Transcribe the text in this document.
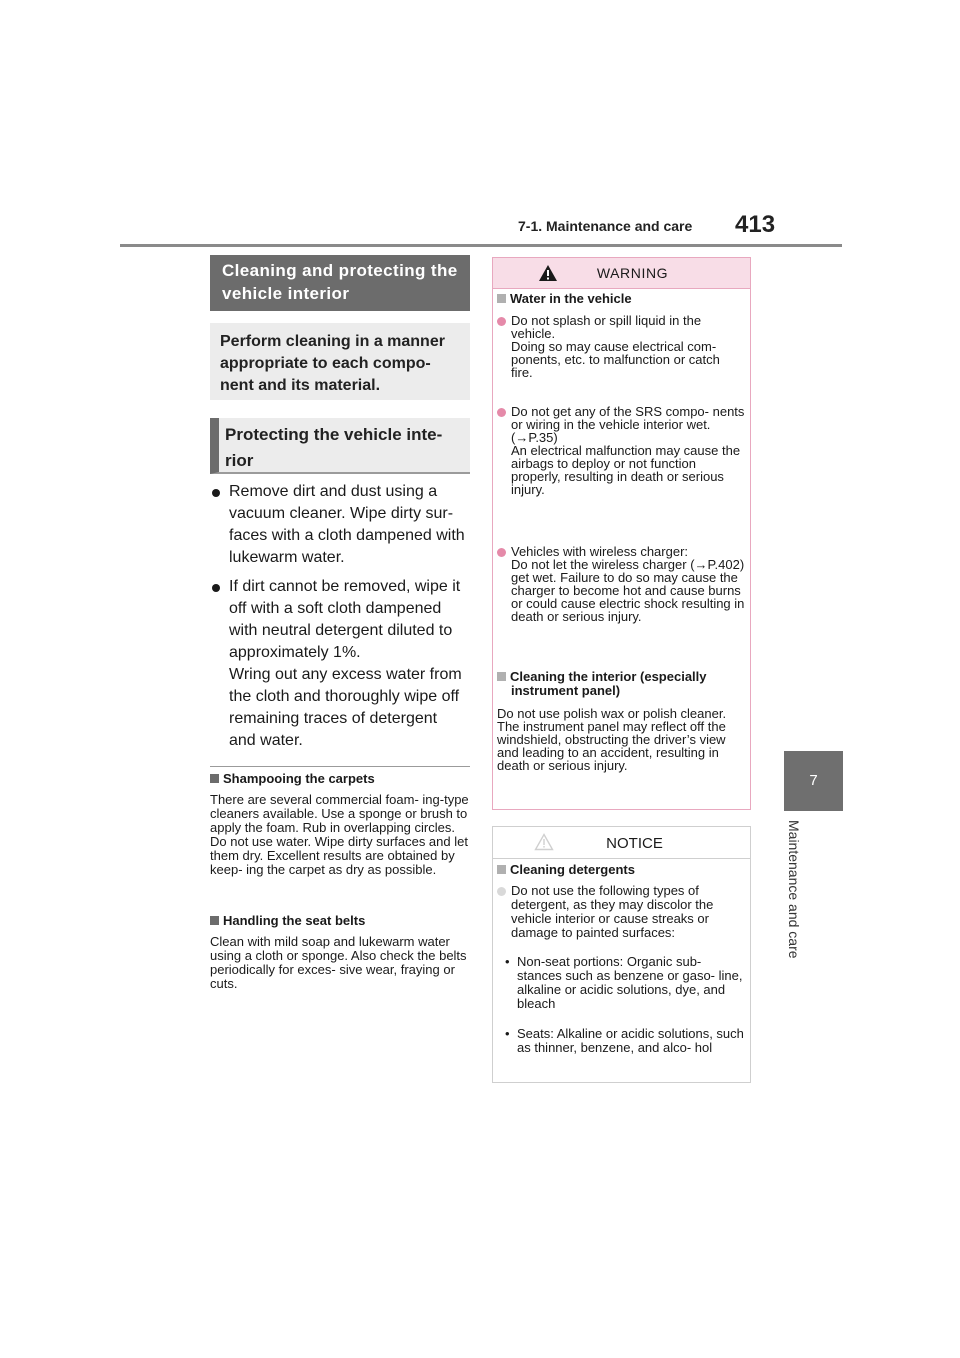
7-1. Maintenance and care 413
7
Maintenance and care
Cleaning and protecting the vehicle interior
Perform cleaning in a manner appropriate to each compo- nent and its material.
Protecting the vehicle inte- rior

Remove dirt and dust using a vacuum cleaner. Wipe dirty sur- faces with a cloth dampened with lukewarm water.

If dirt cannot be removed, wipe it off with a soft cloth dampened with neutral detergent diluted to approximately 1%.

Wring out any excess water from the cloth and thoroughly wipe off remaining traces of detergent and water.

Shampooing the carpets
There are several commercial foam- ing-type cleaners available. Use a sponge or brush to apply the foam. Rub in overlapping circles. Do not use water. Wipe dirty surfaces and let them dry. Excellent results are obtained by keep- ing the carpet as dry as possible.
Handling the seat belts
Clean with mild soap and lukewarm water using a cloth or sponge. Also check the belts periodically for exces- sive wear, fraying or cuts.
WARNING
Water in the vehicle

Do not splash or spill liquid in the vehicle.

Doing so may cause electrical com- ponents, etc. to malfunction or catch fire.

Do not get any of the SRS compo- nents or wiring in the vehicle interior wet.

(→P.35)

An electrical malfunction may cause the airbags to deploy or not function properly, resulting in death or serious injury.

Vehicles with wireless charger:

Do not let the wireless charger (→P.402) get wet. Failure to do so may cause the charger to become hot and cause burns or could cause electric shock resulting in death or serious injury.

Cleaning the interior (especially instrument panel)
Do not use polish wax or polish cleaner. The instrument panel may reflect off the windshield, obstructing the driver’s view and leading to an accident, resulting in death or serious injury.
NOTICE
Cleaning detergents

Do not use the following types of detergent, as they may discolor the vehicle interior or cause streaks or damage to painted surfaces:

• Non-seat portions: Organic sub- stances such as benzene or gaso- line, alkaline or acidic solutions, dye, and bleach

• Seats: Alkaline or acidic solutions, such as thinner, benzene, and alco- hol
